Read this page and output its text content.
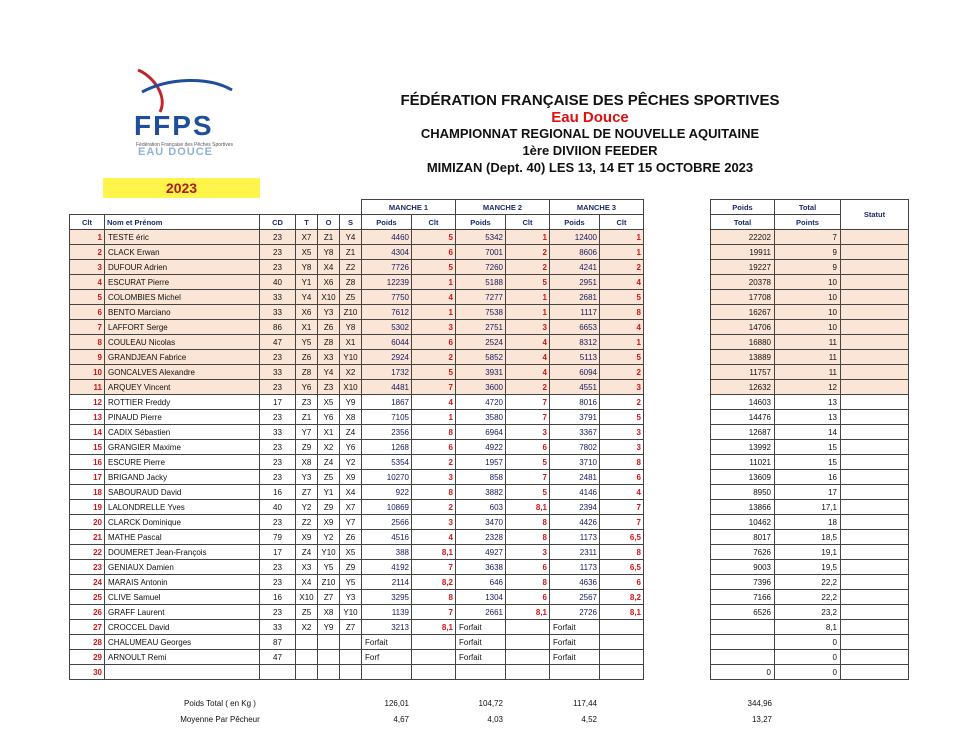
FFPS
Fédération Française des Pêches Sportives
EAU DOUCE
FÉDÉRATION FRANÇAISE DES PÊCHES SPORTIVES
Eau Douce
CHAMPIONNAT REGIONAL DE NOUVELLE AQUITAINE
1ère DIVIION FEEDER
MIMIZAN (Dept. 40) LES 13, 14 ET 15 OCTOBRE 2023
2023
						MANCHE 1		MANCHE 2		MANCHE 3	
Clt	Nom et Prénom	CD	T	O	S	Poids	Clt	Poids	Clt	Poids	Clt
1	TESTE éric	23	X7	Z1	Y4	4460	5	5342	1	12400	1
2	CLACK Erwan	23	X5	Y8	Z1	4304	6	7001	2	8606	1
3	DUFOUR Adrien	23	Y8	X4	Z2	7726	5	7260	2	4241	2
4	ESCURAT Pierre	40	Y1	X6	Z8	12239	1	5188	5	2951	4
5	COLOMBIES Michel	33	Y4	X10	Z5	7750	4	7277	1	2681	5
6	BENTO Marciano	33	X6	Y3	Z10	7612	1	7538	1	1117	8
7	LAFFORT Serge	86	X1	Z6	Y8	5302	3	2751	3	6653	4
8	COULEAU Nicolas	47	Y5	Z8	X1	6044	6	2524	4	8312	1
9	GRANDJEAN Fabrice	23	Z6	X3	Y10	2924	2	5852	4	5113	5
10	GONCALVES Alexandre	33	Z8	Y4	X2	1732	5	3931	4	6094	2
11	ARQUEY Vincent	23	Y6	Z3	X10	4481	7	3600	2	4551	3
12	ROTTIER Freddy	17	Z3	X5	Y9	1867	4	4720	7	8016	2
13	PINAUD Pierre	23	Z1	Y6	X8	7105	1	3580	7	3791	5
14	CADIX Sébastien	33	Y7	X1	Z4	2356	8	6964	3	3367	3
15	GRANGIER Maxime	23	Z9	X2	Y6	1268	6	4922	6	7802	3
16	ESCURE Pierre	23	X8	Z4	Y2	5354	2	1957	5	3710	8
17	BRIGAND Jacky	23	Y3	Z5	X9	10270	3	858	7	2481	6
18	SABOURAUD David	16	Z7	Y1	X4	922	8	3882	5	4146	4
19	LALONDRELLE Yves	40	Y2	Z9	X7	10869	2	603	8,1	2394	7
20	CLARCK Dominique	23	Z2	X9	Y7	2566	3	3470	8	4426	7
21	MATHE Pascal	79	X9	Y2	Z6	4516	4	2328	8	1173	6,5
22	DOUMERET Jean-François	17	Z4	Y10	X5	388	8,1	4927	3	2311	8
23	GENIAUX Damien	23	X3	Y5	Z9	4192	7	3638	6	1173	6,5
24	MARAIS Antonin	23	X4	Z10	Y5	2114	8,2	646	8	4636	6
25	CLIVE Samuel	16	X10	Z7	Y3	3295	8	1304	6	2567	8,2
26	GRAFF Laurent	23	Z5	X8	Y10	1139	7	2661	8,1	2726	8,1
27	CROCCEL David	33	X2	Y9	Z7	3213	8,1	Forfait		Forfait	
28	CHALUMEAU Georges	87				Forfait		Forfait		Forfait	
29	ARNOULT Remi	47				Forf		Forfait		Forfait	
30											
Poids	Total	Statut
Total	Points	
22202	7	
19911	9	
19227	9	
20378	10	
17708	10	
16267	10	
14706	10	
16880	11	
13889	11	
11757	11	
12632	12	
14603	13	
14476	13	
12687	14	
13992	15	
11021	15	
13609	16	
8950	17	
13866	17,1	
10462	18	
8017	18,5	
7626	19,1	
9003	19,5	
7396	22,2	
7166	22,2	
6526	23,2	
	8,1	
	0	
	0	
0	0	
Poids Total ( en Kg )
Moyenne Par Pêcheur
126,01	104,72	117,44	344,96
4,67	4,03	4,52	13,27
